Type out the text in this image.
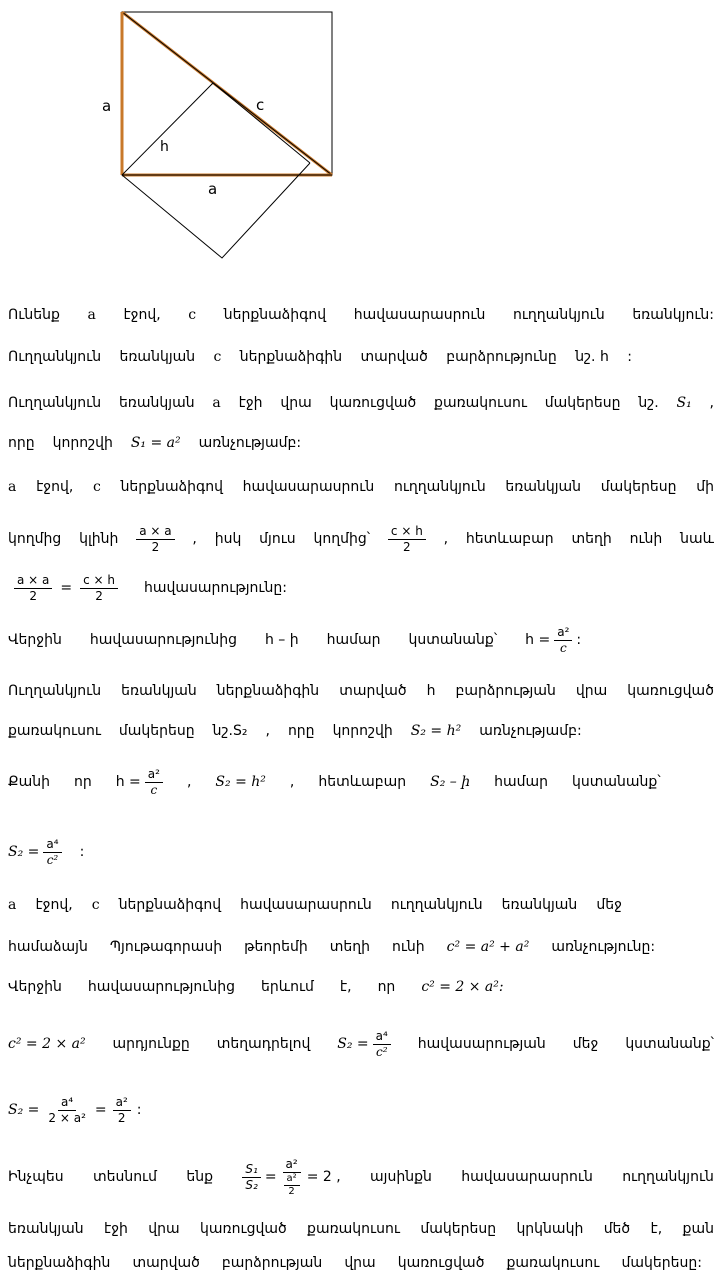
a	c
h
a
Ունենք a էջով, c ներքնաձիգով հավասարասրուն ուղղանկյուն եռանկյուն:
Ուղղանկյուն եռանկյան c ներքնաձիգին տարված բարձրությունը նշ. h :
Ուղղանկյուն եռանկյան a էջի վրա կառուցված քառակուսու մակերեսը նշ. S₁ ,
որը կորոշվի S₁ = a² առնչությամբ:
a էջով, c ներքնաձիգով հավասարասրուն ուղղանկյուն եռանկյան մակերեսը մի
կողմից կլինի $\frac{a \times a}{2}$ , իսկ մյուս կողմից՝ $\frac{c \times h}{2}$ , հետևաբար տեղի ունի նաև
$\frac{a \times a}{2} = \frac{c \times h}{2}$ հավասարությունը:
Վերջին հավասարությունից h – ի համար կստանանք՝ $h = \frac{\text{a²}}{c}$ :
Ուղղանկյուն եռանկյան ներքնաձիգին տարված h բարձրության վրա կառուցված
քառակուսու մակերեսը նշ.S₂ , որը կորոշվի S₂ = h² առնչությամբ:
Քանի որ $h = \frac{\text{a²}}{c}$ , S₂ = h² , հետևաբար S₂ – ի համար կստանանք՝
$S_2 = \frac{\text{a⁴}}{\text{c²}}$ :
a էջով, c ներքնաձիգով հավասարասրուն ուղղանկյուն եռանկյան մեջ
համաձայն Պյութագորասի թեորեմի տեղի ունի c² = a² + a² առնչությունը:
Վերջին հավասարությունից երևում է, որ c² = 2 × a²:
c² = 2 × a² արդյունքը տեղադրելով $S_2 = \frac{\text{a⁴}}{\text{c²}}$ հավասարության մեջ կստանանք՝
$S_2 = \frac{\text{a⁴}}{\text{2 × a²}} = \frac{\text{a²}}{2}$ :
Ինչպես տեսնում ենք $\frac{\text{S₁}}{\text{S₂}} = \frac{\text{a²}}{\frac{\text{a²}}{2}} = 2$ , այսինքն հավասարասրուն ուղղանկյուն
եռանկյան էջի վրա կառուցված քառակուսու մակերեսը կրկնակի մեծ է, քան
ներքնաձիգին տարված բարձրության վրա կառուցված քառակուսու մակերեսը:
